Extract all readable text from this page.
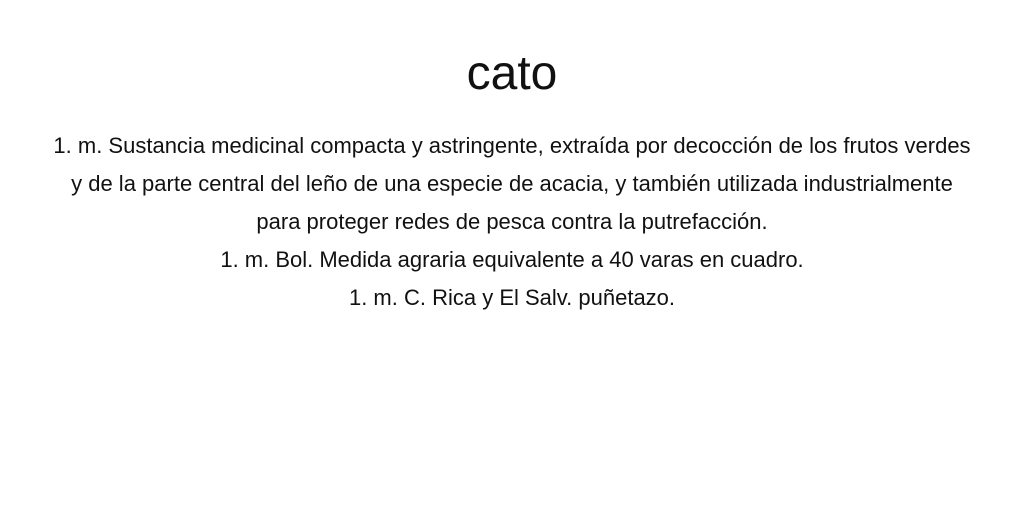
cato

1. m. Sustancia medicinal compacta y astringente, extraída por decocción de los frutos verdes y de la parte central del leño de una especie de acacia, y también utilizada industrialmente para proteger redes de pesca contra la putrefacción.

1. m. Bol. Medida agraria equivalente a 40 varas en cuadro.

1. m. C. Rica y El Salv. puñetazo.
